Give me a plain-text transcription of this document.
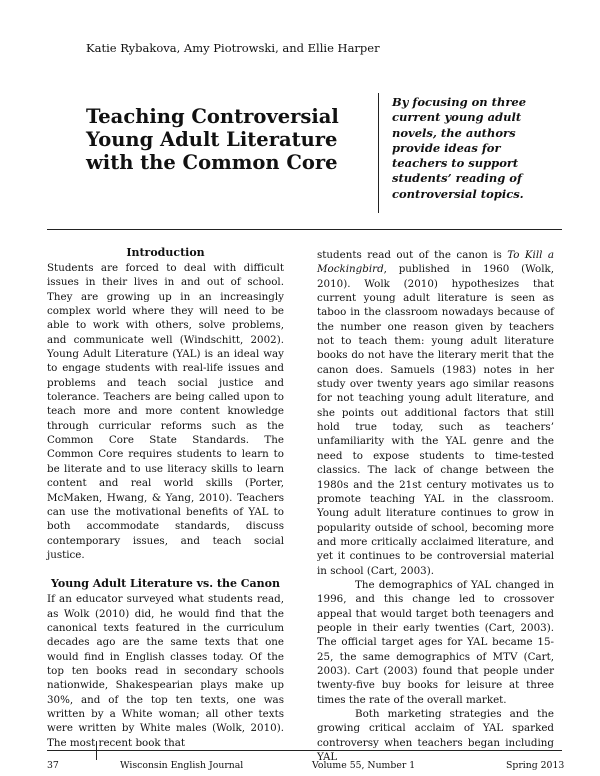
Katie Rybakova, Amy Piotrowski, and Ellie Harper
Teaching Controversial Young Adult Literature with the Common Core

By focusing on three current young adult novels, the authors provide ideas for teachers to support students’ reading of controversial topics.

Introduction

Students are forced to deal with difficult issues in their lives in and out of school. They are growing up in an increasingly complex world where they will need to be able to work with others, solve problems, and communicate well (Windschitt, 2002). Young Adult Literature (YAL) is an ideal way to engage students with real-life issues and problems and teach social justice and tolerance. Teachers are being called upon to teach more and more content knowledge through curricular reforms such as the Common Core State Standards. The Common Core requires students to learn to be literate and to use literacy skills to learn content and real world skills (Porter, McMaken, Hwang, & Yang, 2010). Teachers can use the motivational benefits of YAL to both accommodate standards, discuss contemporary issues, and teach social justice.

Young Adult Literature vs. the Canon

If an educator surveyed what students read, as Wolk (2010) did, he would find that the canonical texts featured in the curriculum decades ago are the same texts that one would find in English classes today. Of the top ten books read in secondary schools nationwide, Shakespearian plays make up 30%, and of the top ten texts, one was written by a White woman; all other texts were written by White males (Wolk, 2010). The most recent book that

students read out of the canon is To Kill a Mockingbird, published in 1960 (Wolk, 2010). Wolk (2010) hypothesizes that current young adult literature is seen as taboo in the classroom nowadays because of the number one reason given by teachers not to teach them: young adult literature books do not have the literary merit that the canon does. Samuels (1983) notes in her study over twenty years ago similar reasons for not teaching young adult literature, and she points out additional factors that still hold true today, such as teachers’ unfamiliarity with the YAL genre and the need to expose students to time-tested classics. The lack of change between the 1980s and the 21st century motivates us to promote teaching YAL in the classroom. Young adult literature continues to grow in popularity outside of school, becoming more and more critically acclaimed literature, and yet it continues to be controversial material in school (Cart, 2003).

The demographics of YAL changed in 1996, and this change led to crossover appeal that would target both teenagers and people in their early twenties (Cart, 2003). The official target ages for YAL became 15-25, the same demographics of MTV (Cart, 2003). Cart (2003) found that people under twenty-five buy books for leisure at three times the rate of the overall market.

Both marketing strategies and the growing critical acclaim of YAL sparked controversy when teachers began including YAL

37	Wisconsin English Journal	Volume 55, Number 1	Spring 2013
